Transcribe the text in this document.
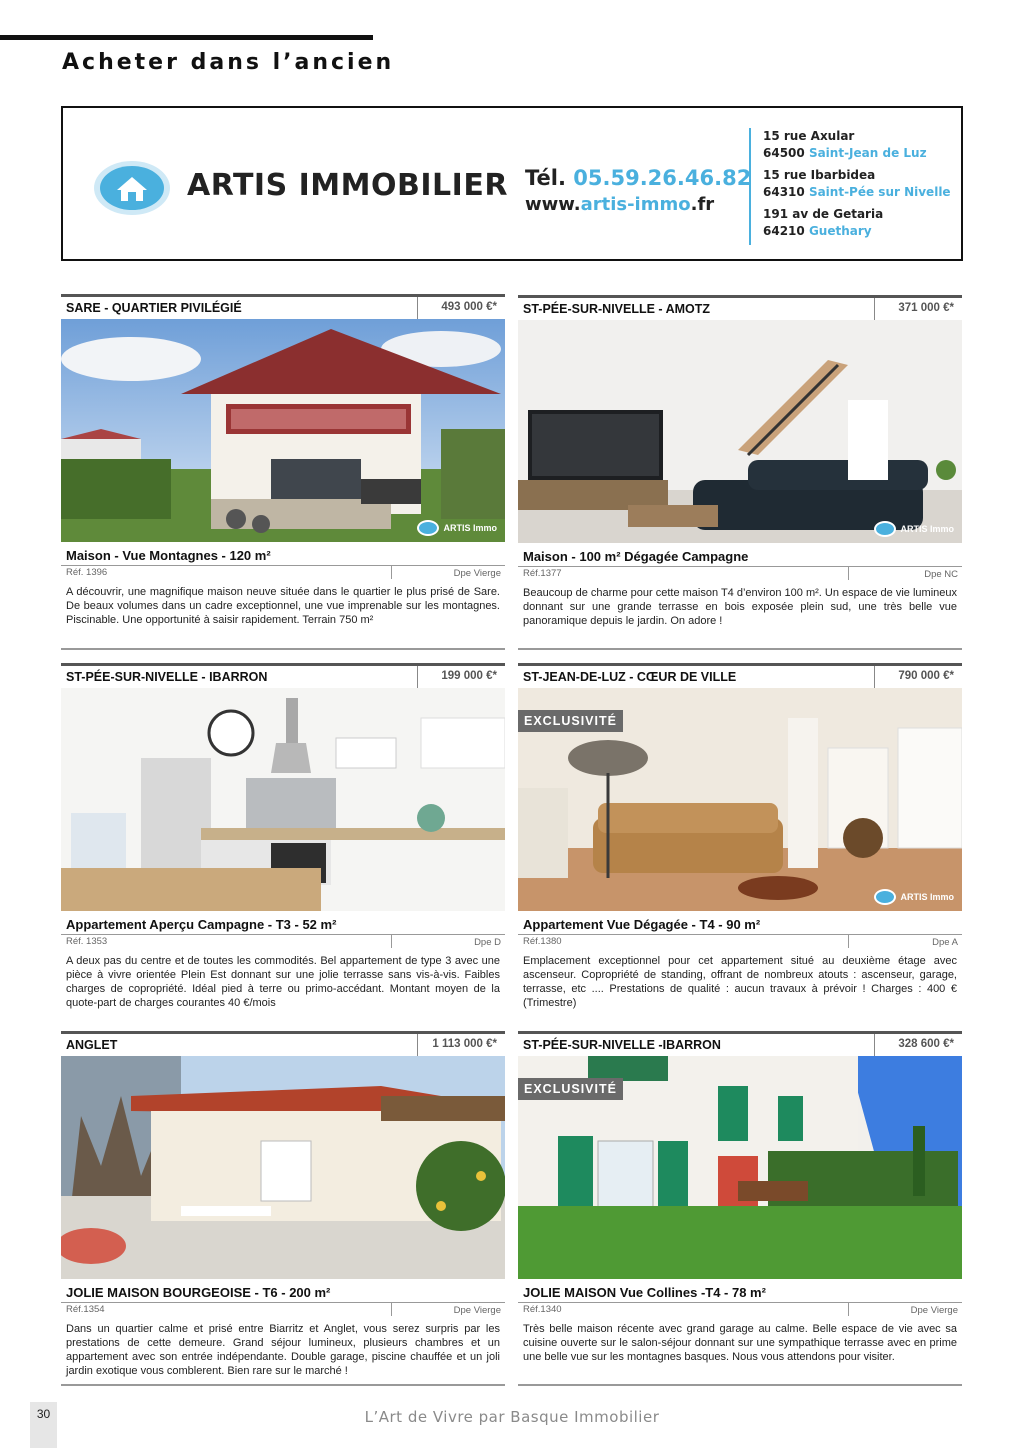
Acheter dans l’ancien
ARTIS IMMOBILIER Tél. 05.59.26.46.82
www.artis-immo.fr
15 rue Axular
64500 Saint-Jean de Luz
15 rue Ibarbidea
64310 Saint-Pée sur Nivelle
191 av de Getaria
64210 Guethary
SARE - QUARTIER PIVILÉGIÉ	493 000 €*
ARTIS Immo
Maison - Vue Montagnes - 120 m²
Réf. 1396	Dpe Vierge
A découvrir, une magnifique maison neuve située dans le quartier le plus prisé de Sare. De beaux volumes dans un cadre exceptionnel, une vue imprenable sur les montagnes. Piscinable. Une opportunité à saisir rapidement. Terrain 750 m²
ST-PÉE-SUR-NIVELLE - AMOTZ	371 000 €*
ARTIS Immo
Maison - 100 m² Dégagée Campagne
Réf.1377	Dpe NC
Beaucoup de charme pour cette maison T4 d’environ 100 m². Un espace de vie lumineux donnant sur une grande terrasse en bois exposée plein sud, une très belle vue panoramique depuis le jardin. On adore !
ST-PÉE-SUR-NIVELLE - IBARRON	199 000 €*
Appartement Aperçu Campagne - T3 - 52 m²
Réf. 1353	Dpe D
A deux pas du centre et de toutes les commodités. Bel appartement de type 3 avec une pièce à vivre orientée Plein Est donnant sur une jolie terrasse sans vis-à-vis. Faibles charges de copropriété. Idéal pied à terre ou primo-accédant. Montant moyen de la quote-part de charges courantes 40 €/mois
ST-JEAN-DE-LUZ - CŒUR DE VILLE	790 000 €*
EXCLUSIVITÉ
ARTIS Immo
Appartement Vue Dégagée - T4 - 90 m²
Réf.1380	Dpe A
Emplacement exceptionnel pour cet appartement situé au deuxième étage avec ascenseur. Copropriété de standing, offrant de nombreux atouts : ascenseur, garage, terrasse, etc .... Prestations de qualité : aucun travaux à prévoir ! Charges : 400 € (Trimestre)
ANGLET	1 113 000 €*
JOLIE MAISON BOURGEOISE - T6 - 200 m²
Réf.1354	Dpe Vierge
Dans un quartier calme et prisé entre Biarritz et Anglet, vous serez surpris par les prestations de cette demeure. Grand séjour lumineux, plusieurs chambres et un appartement avec son entrée indépendante. Double garage, piscine chauffée et un joli jardin exotique vous comblerent. Bien rare sur le marché !
ST-PÉE-SUR-NIVELLE -IBARRON	328 600 €*
EXCLUSIVITÉ
JOLIE MAISON Vue Collines -T4 - 78 m²
Réf.1340	Dpe Vierge
Très belle maison récente avec grand garage au calme. Belle espace de vie avec sa cuisine ouverte sur le salon-séjour donnant sur une sympathique terrasse avec en prime une belle vue sur les montagnes basques. Nous vous attendons pour visiter.
30	L’Art de Vivre par Basque Immobilier
